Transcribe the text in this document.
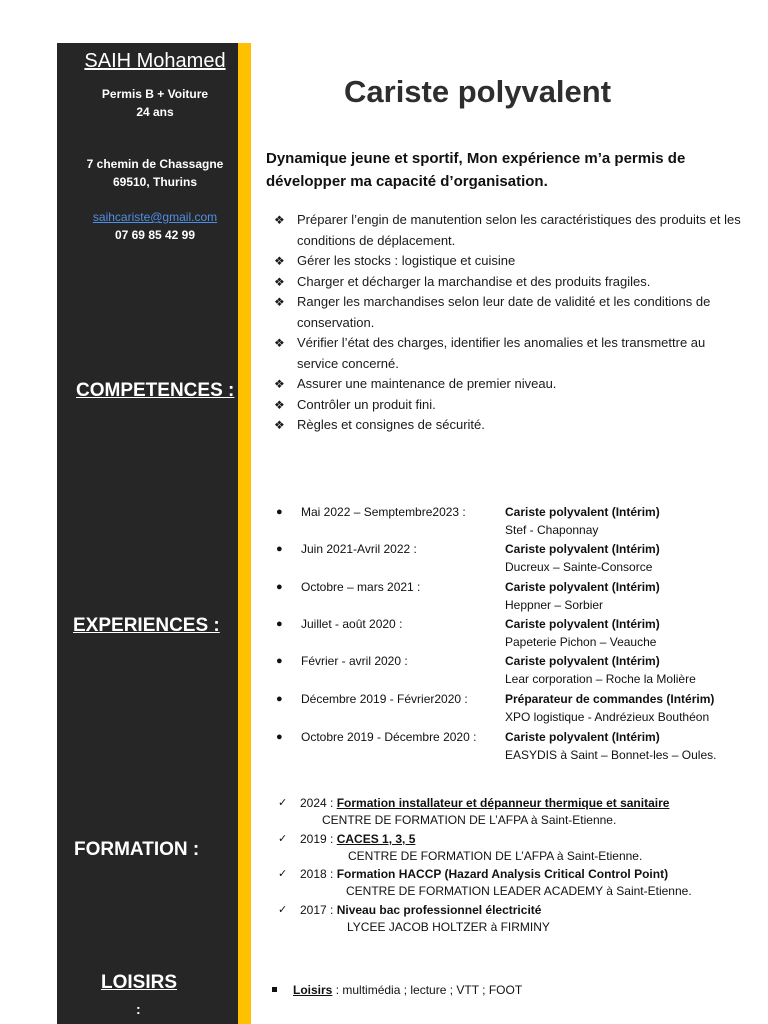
SAIH Mohamed
Permis B + Voiture
24 ans
7 chemin de Chassagne
69510, Thurins
saihcariste@gmail.com
07 69 85 42 99
COMPETENCES :
EXPERIENCES :
FORMATION :
LOISIRS
:
Cariste polyvalent
Dynamique jeune et sportif, Mon expérience m’a permis de développer ma capacité d’organisation.
❖ Préparer l’engin de manutention selon les caractéristiques des produits et les conditions de déplacement.
❖ Gérer les stocks : logistique et cuisine
❖ Charger et décharger la marchandise et des produits fragiles.
❖ Ranger les marchandises selon leur date de validité et les conditions de conservation.
❖ Vérifier l’état des charges, identifier les anomalies et les transmettre au service concerné.
❖ Assurer une maintenance de premier niveau.
❖ Contrôler un produit fini.
❖ Règles et consignes de sécurité.
● Mai 2022 – Semptembre2023 :	Cariste polyvalent (Intérim)
Stef - Chaponnay
● Juin 2021-Avril 2022 :	Cariste polyvalent (Intérim)
Ducreux – Sainte-Consorce
● Octobre – mars 2021 :	Cariste polyvalent (Intérim)
Heppner – Sorbier
● Juillet - août 2020 :	Cariste polyvalent (Intérim)
Papeterie Pichon – Veauche
● Février - avril 2020 :	Cariste polyvalent (Intérim)
Lear corporation – Roche la Molière
● Décembre 2019 - Février2020 :	Préparateur de commandes (Intérim)
XPO logistique - Andrézieux Bouthéon
● Octobre 2019 - Décembre 2020 : Cariste polyvalent (Intérim)
EASYDIS à Saint – Bonnet-les – Oules.
✓ 2024 : Formation installateur et dépanneur thermique et sanitaire
CENTRE DE FORMATION DE L’AFPA à Saint-Etienne.
✓ 2019 : CACES 1, 3, 5
CENTRE DE FORMATION DE L’AFPA à Saint-Etienne.
✓ 2018 : Formation HACCP (Hazard Analysis Critical Control Point)
CENTRE DE FORMATION LEADER ACADEMY à Saint-Etienne.
✓ 2017 : Niveau bac professionnel électricité
LYCEE JACOB HOLTZER à FIRMINY
Loisirs : multimédia ; lecture ; VTT ; FOOT
